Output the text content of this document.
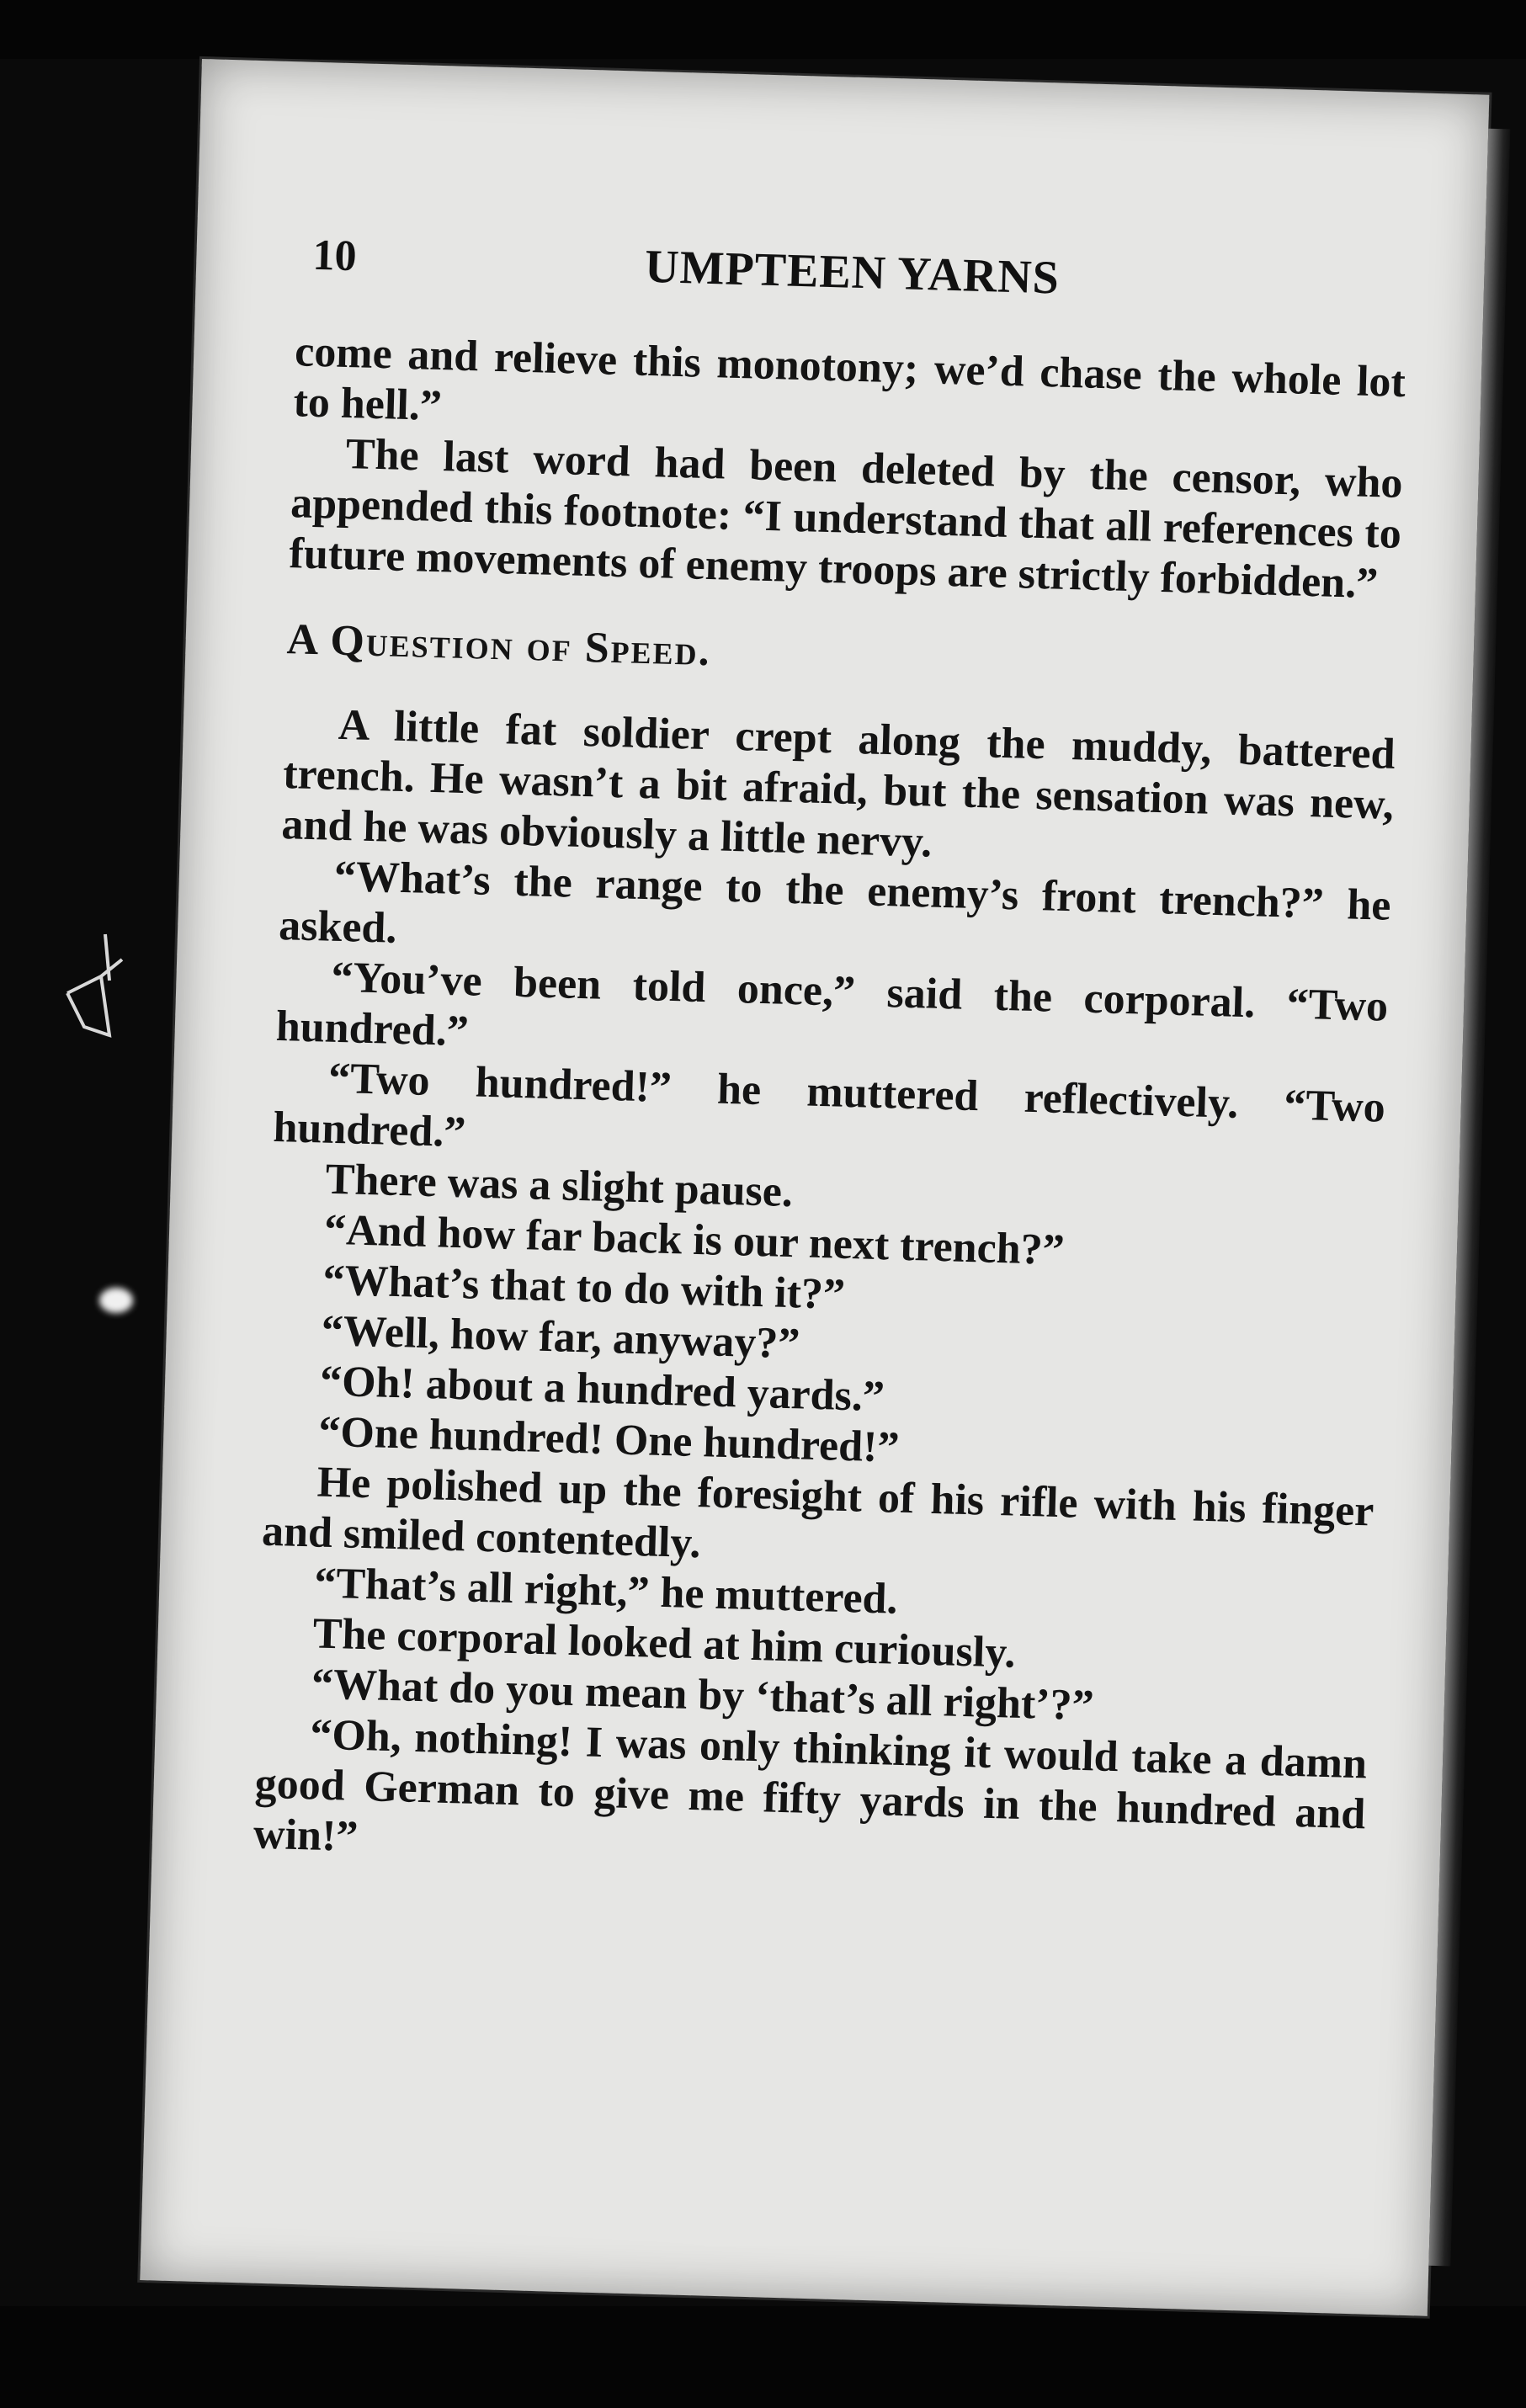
10	UMPTEEN YARNS

come and relieve this monotony; we’d chase the whole lot to hell.”

The last word had been deleted by the censor, who appended this footnote: “I understand that all references to future movements of enemy troops are strictly forbidden.”

A Question of Speed.

A little fat soldier crept along the muddy, battered trench. He wasn’t a bit afraid, but the sensation was new, and he was obviously a little nervy.

“What’s the range to the enemy’s front trench?” he asked.

“You’ve been told once,” said the corporal. “Two hundred.”

“Two hundred!” he muttered reflectively. “Two hundred.”

There was a slight pause.

“And how far back is our next trench?”

“What’s that to do with it?”

“Well, how far, anyway?”

“Oh! about a hundred yards.”

“One hundred! One hundred!”

He polished up the foresight of his rifle with his finger and smiled contentedly.

“That’s all right,” he muttered.

The corporal looked at him curiously.

“What do you mean by ‘that’s all right’?”

“Oh, nothing! I was only thinking it would take a damn good German to give me fifty yards in the hundred and win!”
